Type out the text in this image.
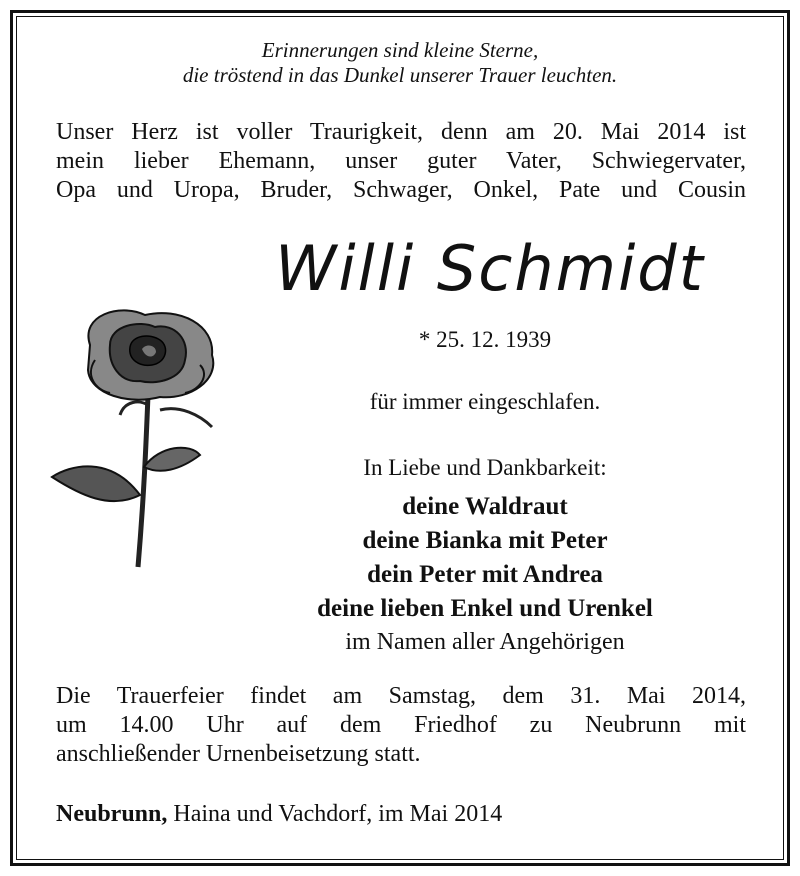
Erinnerungen sind kleine Sterne,
die tröstend in das Dunkel unserer Trauer leuchten.
Unser Herz ist voller Traurigkeit, denn am 20. Mai 2014 ist
mein lieber Ehemann, unser guter Vater, Schwiegervater,
Opa und Uropa, Bruder, Schwager, Onkel, Pate und Cousin
Willi Schmidt
* 25. 12. 1939
für immer eingeschlafen.
In Liebe und Dankbarkeit:
deine Waldraut
deine Bianka mit Peter
dein Peter mit Andrea
deine lieben Enkel und Urenkel
im Namen aller Angehörigen
Die Trauerfeier findet am Samstag, dem 31. Mai 2014,
um 14.00 Uhr auf dem Friedhof zu Neubrunn mit
anschließender Urnenbeisetzung statt.
Neubrunn, Haina und Vachdorf, im Mai 2014
